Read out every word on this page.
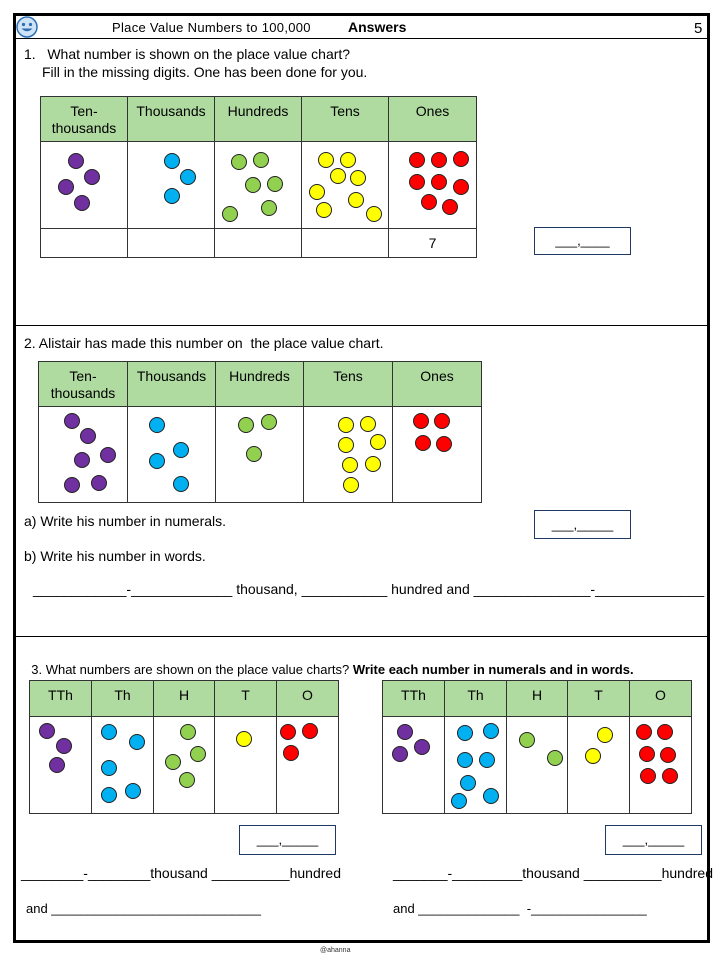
Place Value Numbers to 100,000	Answers	5
1.   What number is shown on the place value chart?
Fill in the missing digits. One has been done for you.
Ten-
thousands	Thousands	Hundreds	Tens	Ones

				7	___,____
2. Alistair has made this number on  the place value chart.
Ten-
thousands	Thousands	Hundreds	Tens	Ones

a) Write his number in numerals.	___,_____
b) Write his number in words.
____________-_____________ thousand, ___________ hundred and _______________-______________

3. What numbers are shown on the place value charts? Write each number in numerals and in words.

TTh	Th	H	T	O

		TTh	Th	H	T	O

___,_____	___,_____
________-________thousand __________hundred
and _____________________________
_______-_________thousand __________hundred
and ______________  -________________
@ahanna
